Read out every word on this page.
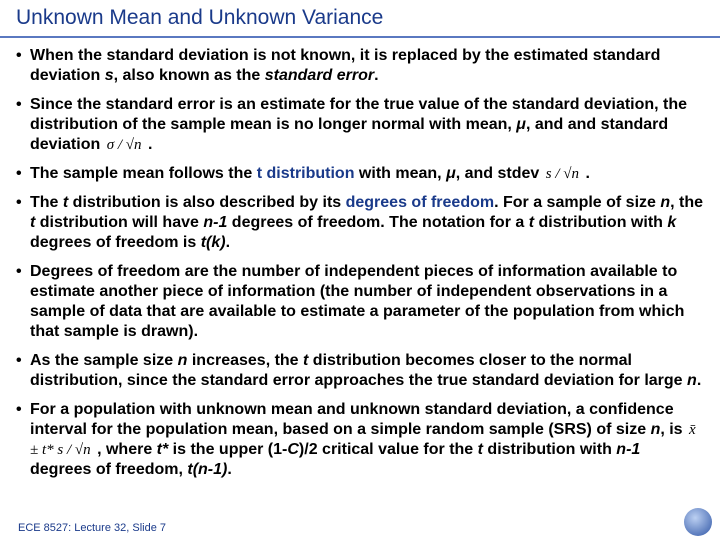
Unknown Mean and Unknown Variance
• When the standard deviation is not known, it is replaced by the estimated standard deviation s, also known as the standard error.
• Since the standard error is an estimate for the true value of the standard deviation, the distribution of the sample mean is no longer normal with mean, μ, and and standard deviation σ / √n .
• The sample mean follows the t distribution with mean, μ, and stdev s / √n .
• The t distribution is also described by its degrees of freedom. For a sample of size n, the t distribution will have n-1 degrees of freedom. The notation for a t distribution with k degrees of freedom is t(k).
• Degrees of freedom are the number of independent pieces of information available to estimate another piece of information (the number of independent observations in a sample of data that are available to estimate a parameter of the population from which that sample is drawn).
• As the sample size n increases, the t distribution becomes closer to the normal distribution, since the standard error approaches the true standard deviation for large n.
• For a population with unknown mean and unknown standard deviation, a confidence interval for the population mean, based on a simple random sample (SRS) of size n, is x̄ ± t* s / √n , where t* is the upper (1-C)/2 critical value for the t distribution with n-1 degrees of freedom, t(n-1).
ECE 8527: Lecture 32, Slide 7
